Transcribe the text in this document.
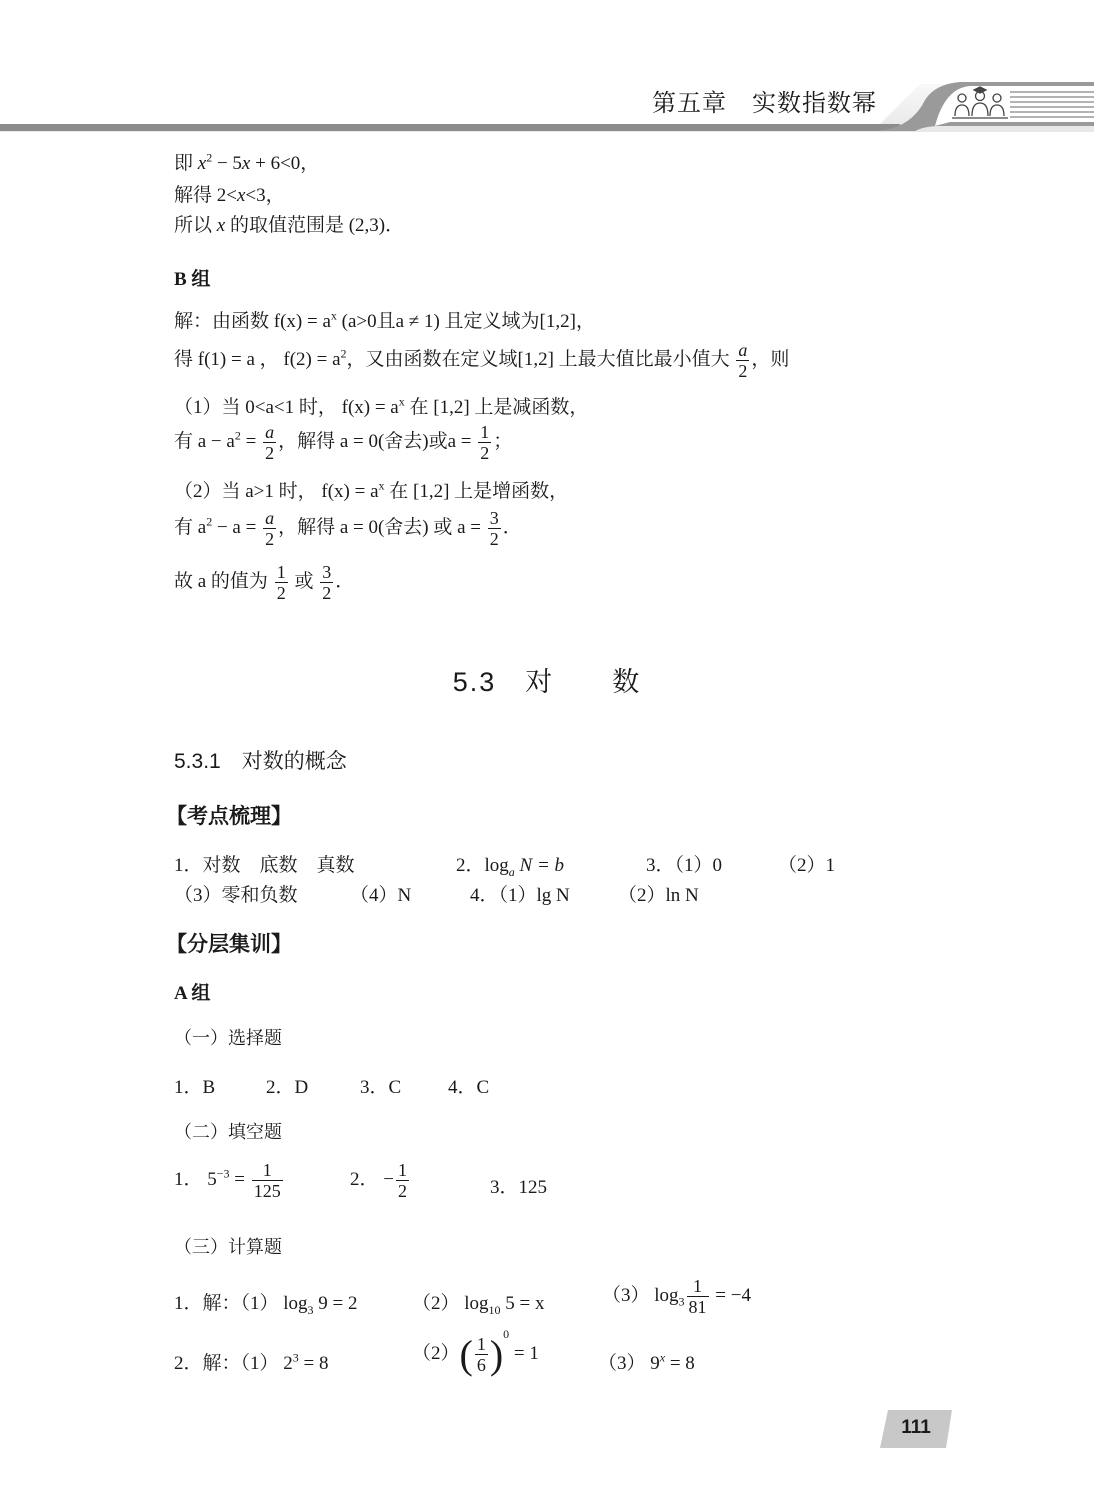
第五章　实数指数幂
即 $x^2 - 5x + 6<0$，
解得 2<x<3，
所以 x 的取值范围是 (2,3)．
B 组
解：由函数 $f(x) = a^x$ (a>0且a ≠ 1) 且定义域为[1,2]，
得 f(1) = a ， $f(2) = a^2$，又由函数在定义域[1,2] 上最大值比最小值大 $\frac{a}{2}$ ，则
（1）当 0<a<1 时， $f(x) = a^x$ 在 [1,2] 上是减函数，
有 $a - a^2 = \frac{a}{2}$ ，解得 a = 0(舍去)或$a = \frac{1}{2}$ ；
（2）当 a>1 时， $f(x) = a^x$ 在 [1,2] 上是增函数，
有 $a^2 - a = \frac{a}{2}$ ，解得 a = 0(舍去) 或 $a = \frac{3}{2}$ ．
故 a 的值为 $\frac{1}{2}$ 或 $\frac{3}{2}$ ．
5.3　对　　数
5.3.1　对数的概念
【考点梳理】
1．对数　底数　真数	2．$\log_a N = b$	3．（1）0	（2）1
（3）零和负数	（4）N	4．（1）lg N	（2）ln N
【分层集训】
A 组
（一）选择题
1．B	2．D	3．C 4．C
（二）填空题
1． $5^{-3} = \frac{1}{125}$	2． − $\frac{1}{2}$	3．125
（三）计算题
1．解：（1） $\log_3 9 = 2$	（2） $\log_{10} 5 = x$	（3） $\log_3 \frac{1}{81} = -4$
2．解：（1） $2^3 = 8$	$(2)( \frac{1}{6} )^0 = 1$	（3） $9^x = 8$
111
